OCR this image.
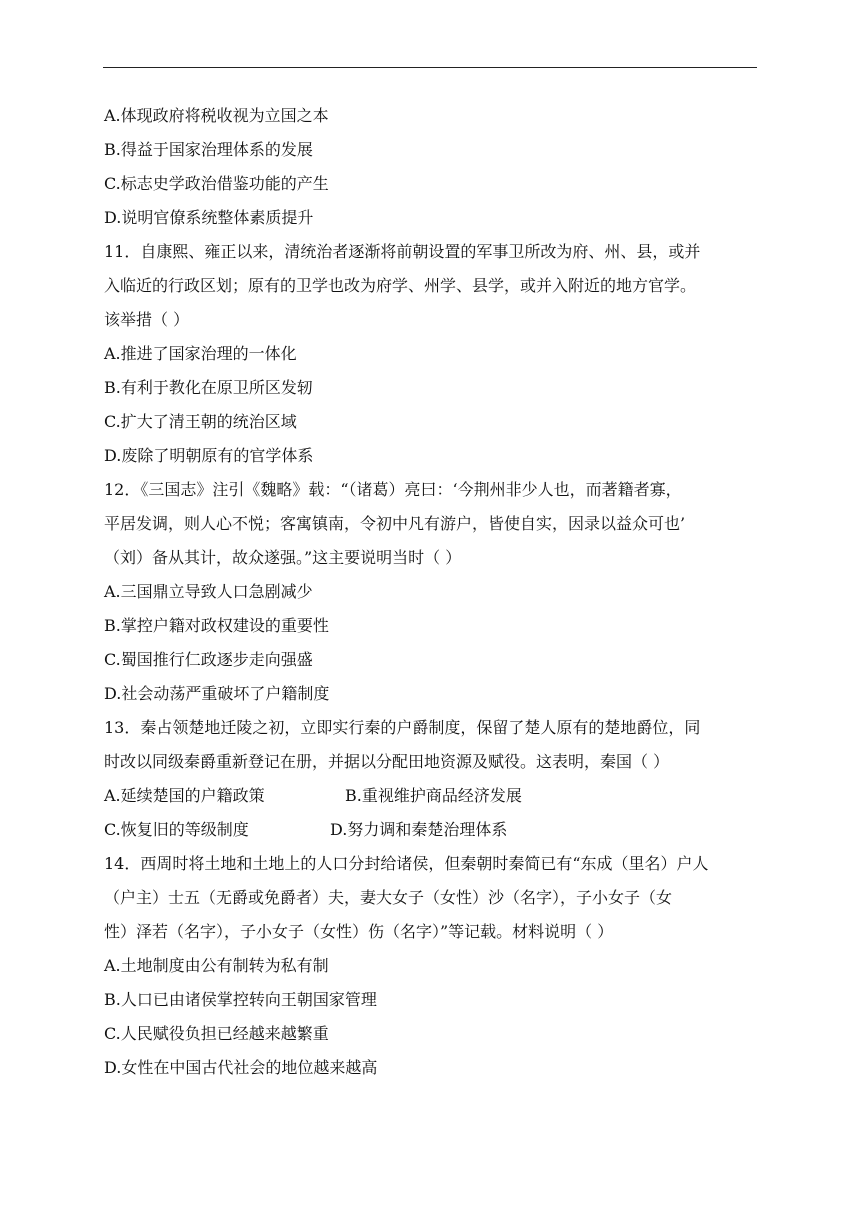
A.体现政府将税收视为立国之本
B.得益于国家治理体系的发展
C.标志史学政治借鉴功能的产生
D.说明官僚系统整体素质提升
11．自康熙、雍正以来，清统治者逐渐将前朝设置的军事卫所改为府、州、县，或并
入临近的行政区划；原有的卫学也改为府学、州学、县学，或并入附近的地方官学。
该举措（ ）
A.推进了国家治理的一体化
B.有利于教化在原卫所区发轫
C.扩大了清王朝的统治区域
D.废除了明朝原有的官学体系
12．《三国志》注引《魏略》载：“（诸葛）亮曰：‘今荆州非少人也，而著籍者寡，
平居发调，则人心不悦；客寓镇南，令初中凡有游户，皆使自实，因录以益众可也’
（刘）备从其计，故众遂强。”这主要说明当时（ ）
A.三国鼎立导致人口急剧减少
B.掌控户籍对政权建设的重要性
C.蜀国推行仁政逐步走向强盛
D.社会动荡严重破坏了户籍制度
13．秦占领楚地迁陵之初，立即实行秦的户爵制度，保留了楚人原有的楚地爵位，同
时改以同级秦爵重新登记在册，并据以分配田地资源及赋役。这表明，秦国（ ）
A.延续楚国的户籍政策	B.重视维护商品经济发展
C.恢复旧的等级制度	D.努力调和秦楚治理体系
14．西周时将土地和土地上的人口分封给诸侯，但秦朝时秦简已有“东成（里名）户人
（户主）士五（无爵或免爵者）夫，妻大女子（女性）沙（名字），子小女子（女
性）泽若（名字），子小女子（女性）伤（名字）”等记载。材料说明（ ）
A.土地制度由公有制转为私有制
B.人口已由诸侯掌控转向王朝国家管理
C.人民赋役负担已经越来越繁重
D.女性在中国古代社会的地位越来越高
